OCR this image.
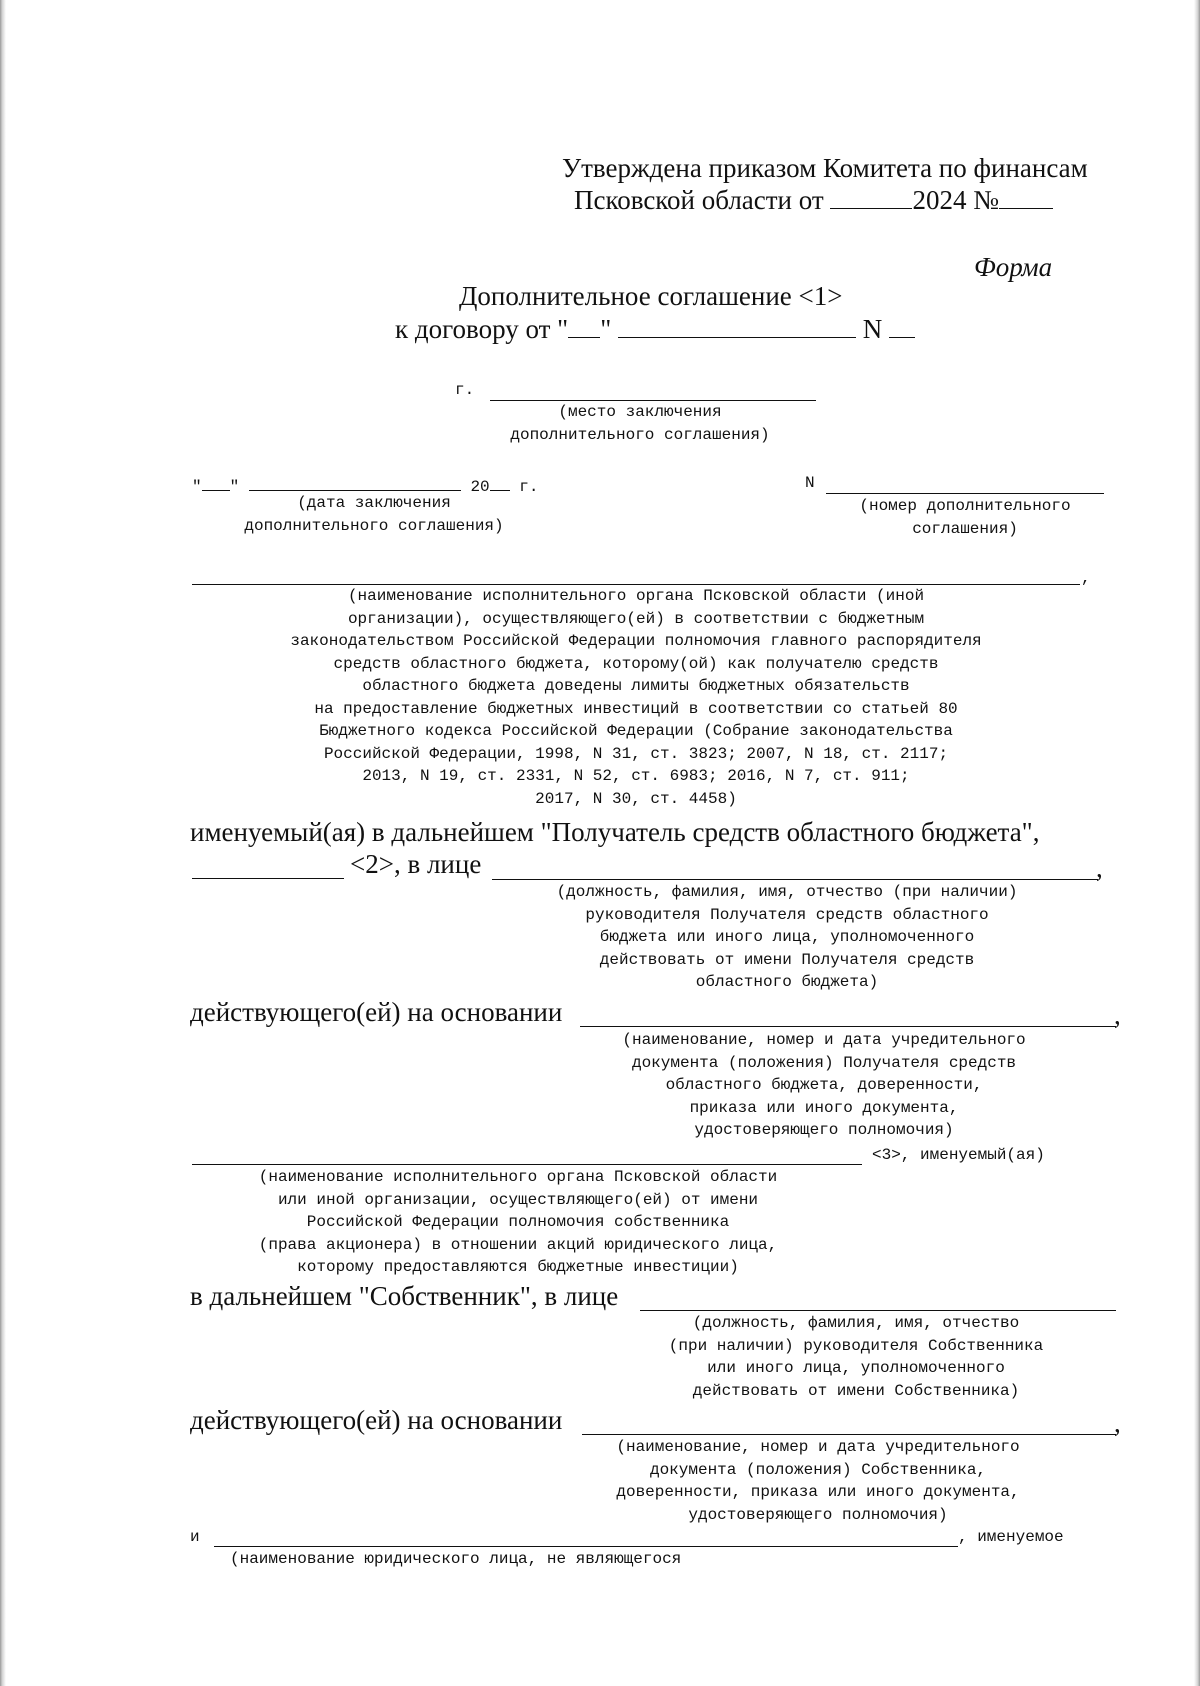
Утверждена приказом Комитета по финансам
Псковской области от	2024 №
Форма
Дополнительное соглашение <1>
к договору от " "	N
г.
(место заключения
дополнительного соглашения)
" "	20 г.
(дата заключения
дополнительного соглашения)
N
(номер дополнительного
соглашения)
,
(наименование исполнительного органа Псковской области (иной
организации), осуществляющего(ей) в соответствии с бюджетным
законодательством Российской Федерации полномочия главного распорядителя
средств областного бюджета, которому(ой) как получателю средств
областного бюджета доведены лимиты бюджетных обязательств
на предоставление бюджетных инвестиций в соответствии со статьей 80
Бюджетного кодекса Российской Федерации (Собрание законодательства
Российской Федерации, 1998, N 31, ст. 3823; 2007, N 18, ст. 2117;
2013, N 19, ст. 2331, N 52, ст. 6983; 2016, N 7, ст. 911;
2017, N 30, ст. 4458)
именуемый(ая) в дальнейшем "Получатель средств областного бюджета",
<2>, в лице	,
(должность, фамилия, имя, отчество (при наличии)
руководителя Получателя средств областного
бюджета или иного лица, уполномоченного
действовать от имени Получателя средств
областного бюджета)
действующего(ей) на основании	,
(наименование, номер и дата учредительного
документа (положения) Получателя средств
областного бюджета, доверенности,
приказа или иного документа,
удостоверяющего полномочия)
<3>, именуемый(ая)
(наименование исполнительного органа Псковской области
или иной организации, осуществляющего(ей) от имени
Российской Федерации полномочия собственника
(права акционера) в отношении акций юридического лица,
которому предоставляются бюджетные инвестиции)
в дальнейшем "Собственник", в лице
(должность, фамилия, имя, отчество
(при наличии) руководителя Собственника
или иного лица, уполномоченного
действовать от имени Собственника)
действующего(ей) на основании	,
(наименование, номер и дата учредительного
документа (положения) Собственника,
доверенности, приказа или иного документа,
удостоверяющего полномочия)
и	, именуемое
(наименование юридического лица, не являющегося
